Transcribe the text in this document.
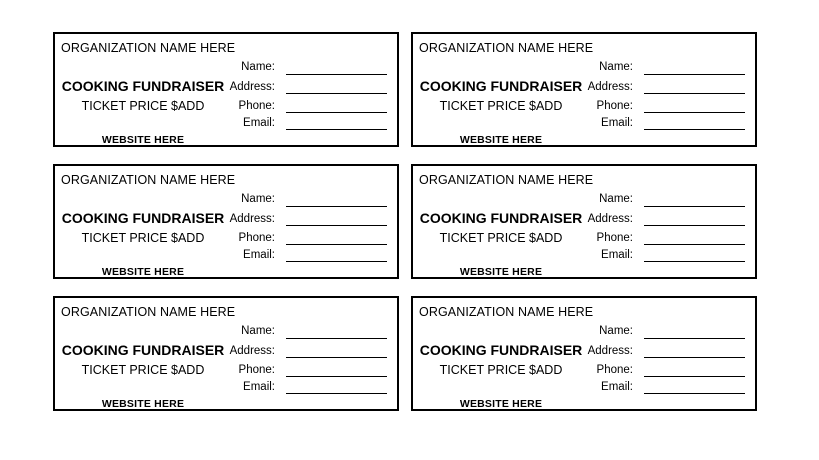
ORGANIZATION NAME HERE
COOKING FUNDRAISER
TICKET PRICE $ADD
WEBSITE HERE
Name:
Address:
Phone:
Email:
ORGANIZATION NAME HERE
COOKING FUNDRAISER
TICKET PRICE $ADD
WEBSITE HERE
Name:
Address:
Phone:
Email:
ORGANIZATION NAME HERE
COOKING FUNDRAISER
TICKET PRICE $ADD
WEBSITE HERE
Name:
Address:
Phone:
Email:
ORGANIZATION NAME HERE
COOKING FUNDRAISER
TICKET PRICE $ADD
WEBSITE HERE
Name:
Address:
Phone:
Email:
ORGANIZATION NAME HERE
COOKING FUNDRAISER
TICKET PRICE $ADD
WEBSITE HERE
Name:
Address:
Phone:
Email:
ORGANIZATION NAME HERE
COOKING FUNDRAISER
TICKET PRICE $ADD
WEBSITE HERE
Name:
Address:
Phone:
Email:
